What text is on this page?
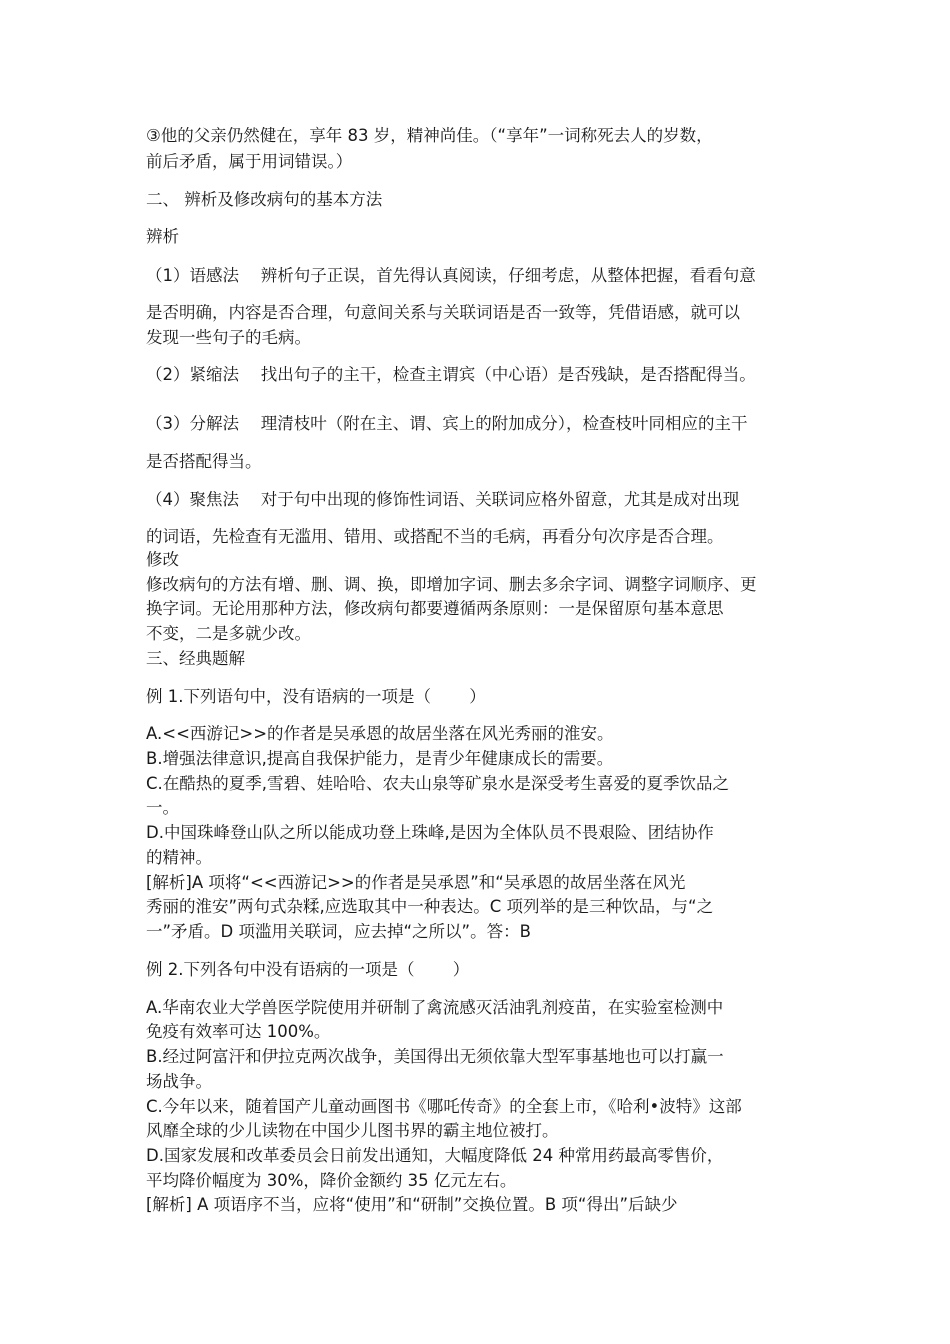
③他的父亲仍然健在，享年 83 岁，精神尚佳。（“享年”一词称死去人的岁数，
前后矛盾，属于用词错误。）
二、 辨析及修改病句的基本方法
辨析
（1）语感法　 辨析句子正误，首先得认真阅读，仔细考虑，从整体把握，看看句意
是否明确，内容是否合理，句意间关系与关联词语是否一致等，凭借语感，就可以
发现一些句子的毛病。
（2）紧缩法　 找出句子的主干，检查主谓宾（中心语）是否残缺，是否搭配得当。
（3）分解法　 理清枝叶（附在主、谓、宾上的附加成分），检查枝叶同相应的主干
是否搭配得当。
（4）聚焦法　 对于句中出现的修饰性词语、关联词应格外留意，尤其是成对出现
的词语，先检查有无滥用、错用、或搭配不当的毛病，再看分句次序是否合理。
修改
修改病句的方法有增、删、调、换，即增加字词、删去多余字词、调整字词顺序、更
换字词。无论用那种方法，修改病句都要遵循两条原则：一是保留原句基本意思
不变，二是多就少改。
三、经典题解
例 1.下列语句中，没有语病的一项是（　　 ）
A.<<西游记>>的作者是吴承恩的故居坐落在风光秀丽的淮安。
B.增强法律意识,提高自我保护能力，是青少年健康成长的需要。
C.在酷热的夏季,雪碧、娃哈哈、农夫山泉等矿泉水是深受考生喜爱的夏季饮品之
一。
D.中国珠峰登山队之所以能成功登上珠峰,是因为全体队员不畏艰险、团结协作
的精神。
[解析]A 项将“<<西游记>>的作者是吴承恩”和“吴承恩的故居坐落在风光
秀丽的淮安”两句式杂糅,应选取其中一种表达。C 项列举的是三种饮品，与“之
一”矛盾。D 项滥用关联词，应去掉“之所以”。答：B
例 2.下列各句中没有语病的一项是（　　 ）
A.华南农业大学兽医学院使用并研制了禽流感灭活油乳剂疫苗，在实验室检测中
免疫有效率可达 100%。
B.经过阿富汗和伊拉克两次战争，美国得出无须依靠大型军事基地也可以打赢一
场战争。
C.今年以来，随着国产儿童动画图书《哪吒传奇》的全套上市，《哈利•波特》这部
风靡全球的少儿读物在中国少儿图书界的霸主地位被打。
D.国家发展和改革委员会日前发出通知，大幅度降低 24 种常用药最高零售价，
平均降价幅度为 30%，降价金额约 35 亿元左右。
[解析] A 项语序不当，应将“使用”和“研制”交换位置。B 项“得出”后缺少
